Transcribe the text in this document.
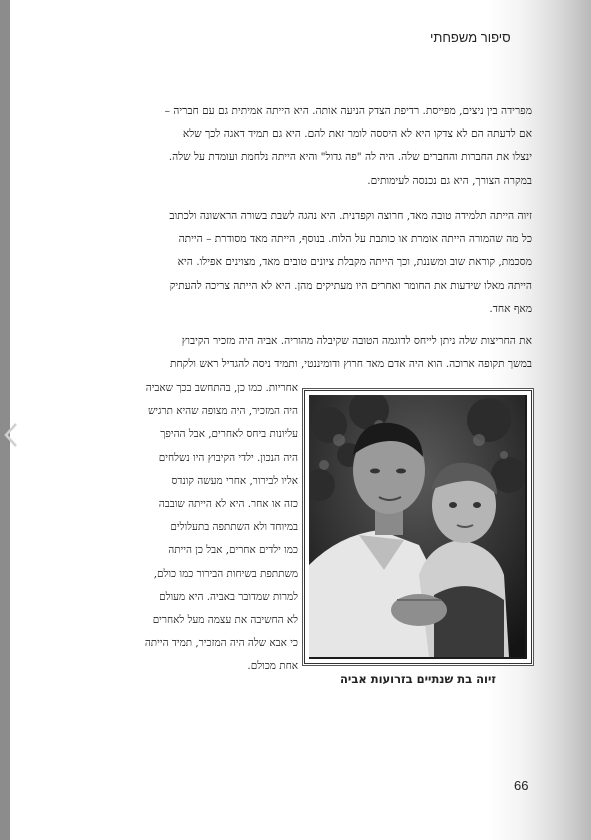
סיפור משפחתי

מפרידה בין ניצים, מפייסת. רדיפת הצדק הניעה אותה. היא הייתה אמיתית גם עם חבריה –
אם לדעתה הם לא צדקו היא לא היססה לומר זאת להם. היא גם תמיד דאגה לכך שלא
ינצלו את החברות והחברים שלה. היה לה "פה גדול" והיא הייתה נלחמת ועומדת על שלה.
במקרה הצורך, היא גם נכנסה לעימותים.

זיוה הייתה תלמידה טובה מאד, חרוצה וקפדנית. היא נהגה לשבת בשורה הראשונה ולכתוב
כל מה שהמורה הייתה אומרת או כותבת על הלוח. בנוסף, הייתה מאד מסודרת – הייתה
מסכמת, קוראת שוב ומשננת, וכך הייתה מקבלת ציונים טובים מאד, מצוינים אפילו. היא
הייתה מאלו שידעות את החומר ואחרים היו מעתיקים מהן. היא לא הייתה צריכה להעתיק
מאף אחד.

את החריצות שלה ניתן לייחס לדוגמה הטובה שקיבלה מהוריה. אביה היה מזכיר הקיבוץ
במשך תקופה ארוכה. הוא היה אדם מאד חרוץ ודומיננטי, ותמיד ניסה להגדיל ראש ולקחת

אחריות. כמו כן, בהתחשב בכך שאביה
היה המזכיר, היה מצופה שהיא תרגיש
עליונות ביחס לאחרים, אבל ההיפך
היה הנכון. ילדי הקיבוץ היו נשלחים
אליו לבירור, אחרי מעשה קונדס
כזה או אחר. היא לא הייתה שובבה
במיוחד ולא השתתפה בתעלולים
כמו ילדים אחרים, אבל כן הייתה
משתתפת בשיחות הבירור כמו כולם,
למרות שמדובר באביה. היא מעולם
לא החשיבה את עצמה מעל לאחרים
כי אבא שלה היה המזכיר, תמיד הייתה
אחת מכולם.

זיוה בת שנתיים בזרועות אביה
66
